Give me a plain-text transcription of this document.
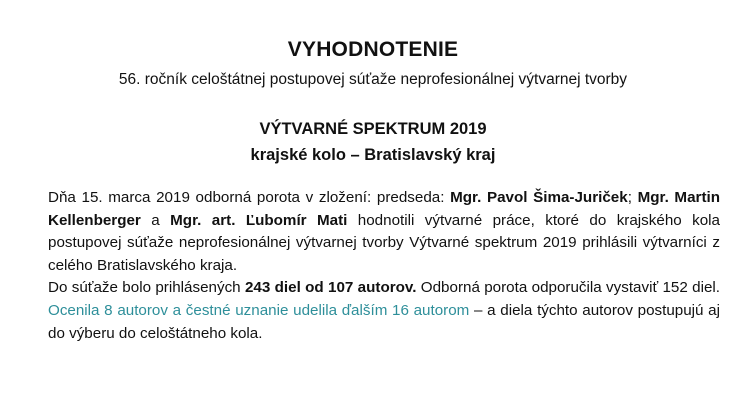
VYHODNOTENIE
56. ročník celoštátnej postupovej súťaže neprofesionálnej výtvarnej tvorby
VÝTVARNÉ SPEKTRUM 2019
krajské kolo – Bratislavský kraj

Dňa 15. marca 2019 odborná porota v zložení: predseda: Mgr. Pavol Šima-Juriček; Mgr. Martin Kellenberger a Mgr. art. Ľubomír Mati hodnotili výtvarné práce, ktoré do krajského kola postupovej súťaže neprofesionálnej výtvarnej tvorby Výtvarné spektrum 2019 prihlásili výtvarníci z celého Bratislavského kraja.

Do súťaže bolo prihlásených 243 diel od 107 autorov. Odborná porota odporučila vystaviť 152 diel. Ocenila 8 autorov a čestné uznanie udelila ďalším 16 autorom – a diela týchto autorov postupujú aj do výberu do celoštátneho kola.
